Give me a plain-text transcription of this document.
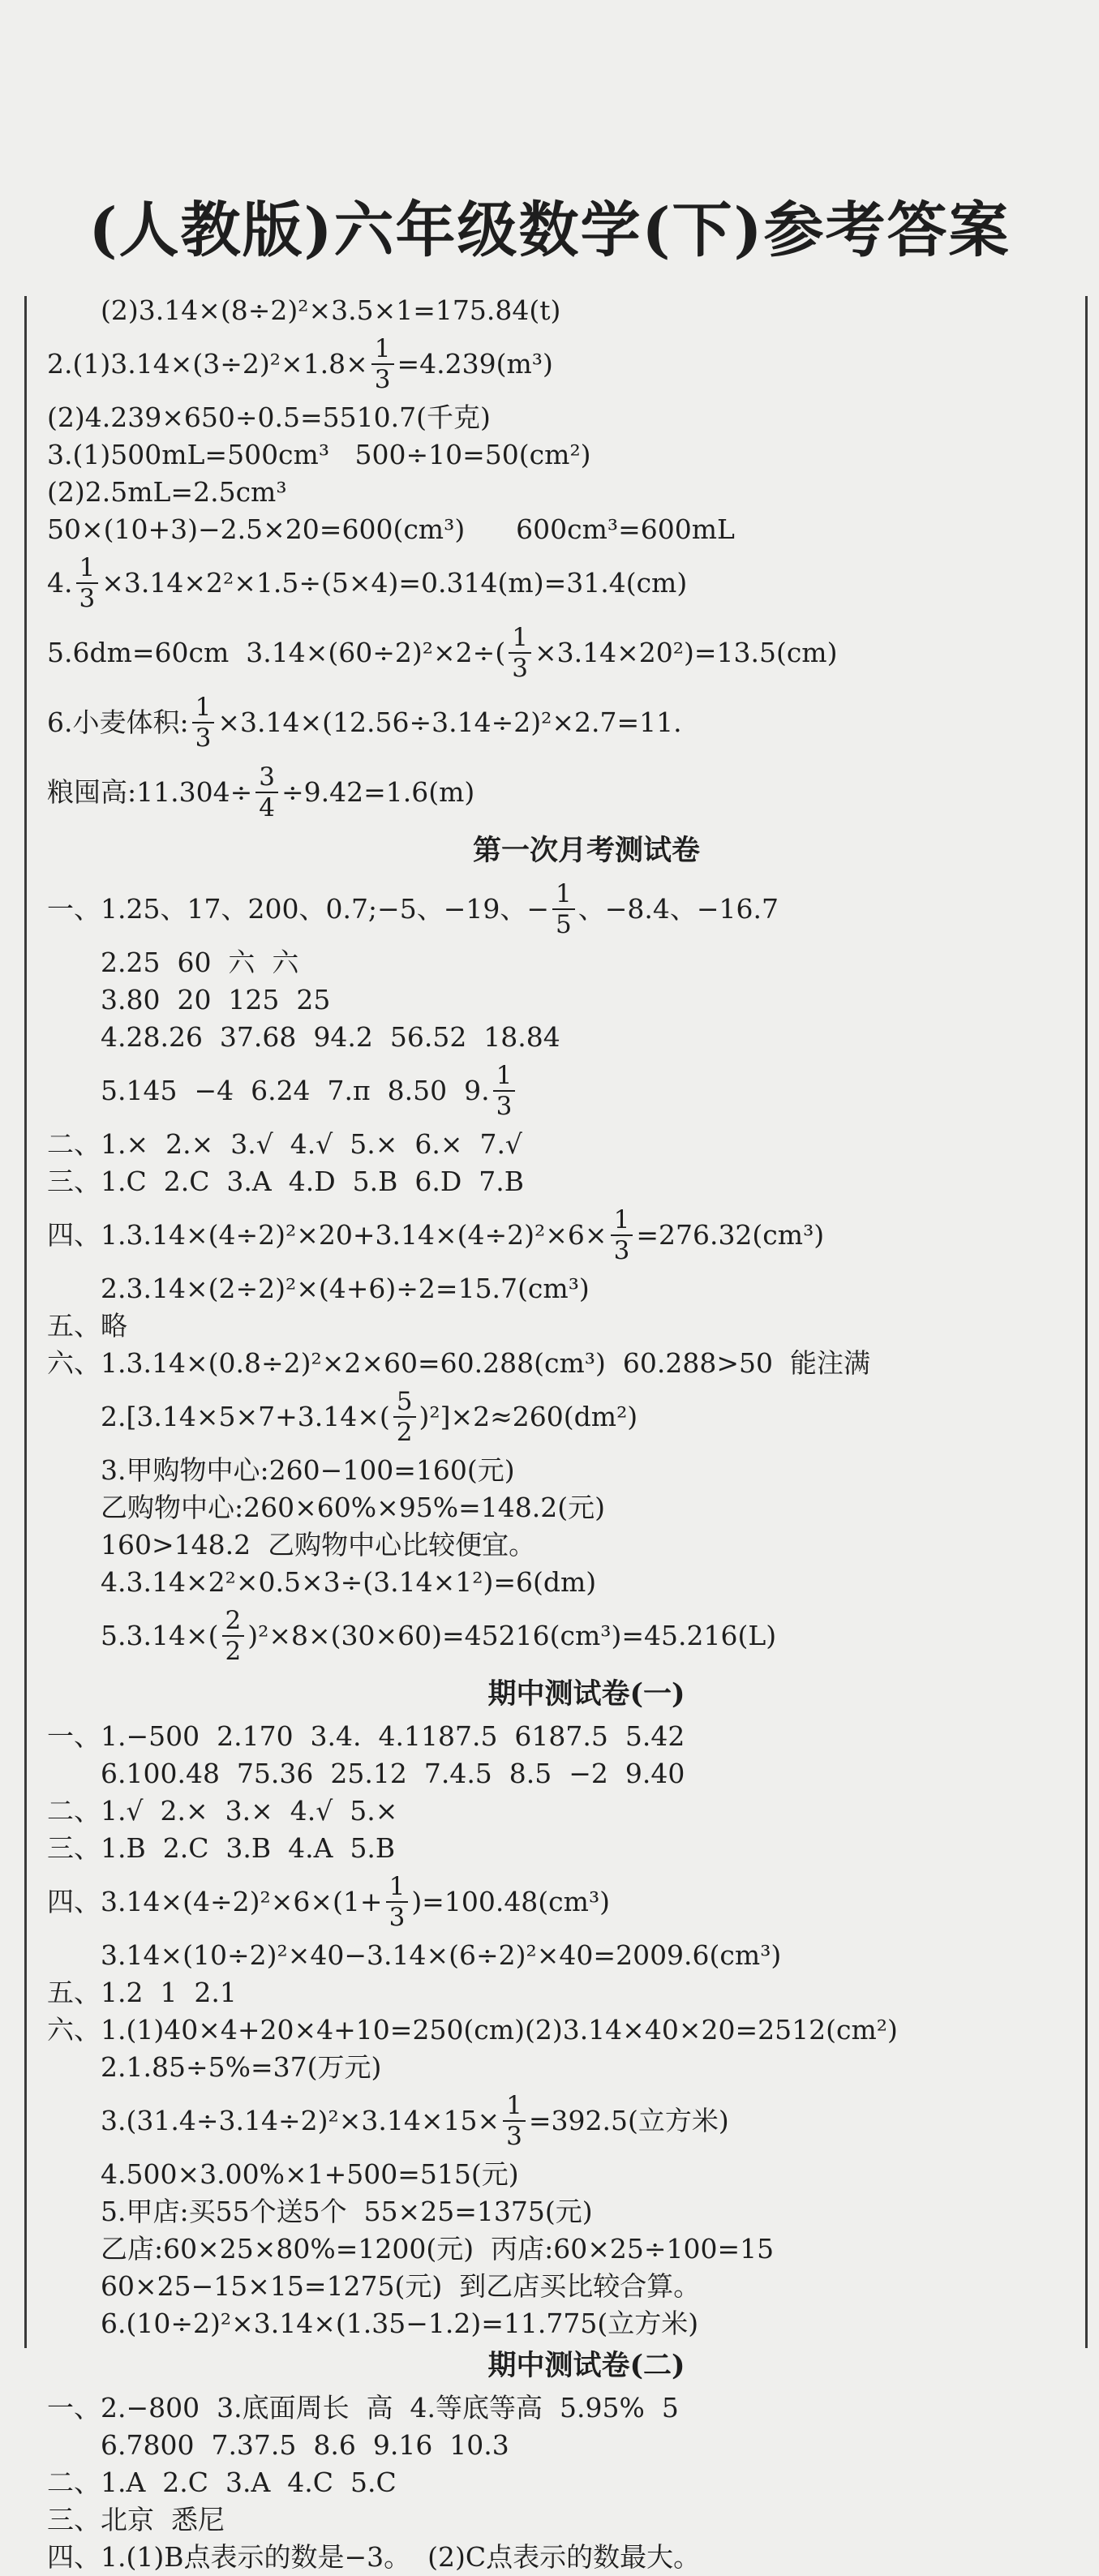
(人教版)六年级数学(下)参考答案
(2)3.14×(8÷2)²×3.5×1=175.84(t)
$2.(1)3.14\times(3\div 2)^2\times 1.8\times \frac{1}{3} =4.239(m^3)$
(2)4.239×650÷0.5=5510.7(千克)
3.(1)500mL=500cm³   500÷10=50(cm²)
(2)2.5mL=2.5cm³
50×(10+3)−2.5×20=600(cm³)      600cm³=600mL
4. $\frac{1}{3} \times 3.14\times 2^2\times 1.5\div(5\times 4)=0.314(m)=31.4(cm)$
5.6dm=60cm  $3.14\times(60\div 2)^2\times 2\div( \frac{1}{3} \times 3.14\times 20^2)=13.5(cm)$
6.小麦体积: $\frac{1}{3} \times 3.14\times(12.56\div 3.14\div 2)^2\times 2.7=11$.
粮囤高:11.304÷ $\frac{3}{4} \div 9.42=1.6(m)$
第一次月考测试卷
一、1.25、17、200、0.7;−5、−19、− $\frac{1}{5}$ 、−8.4、−16.7
2.25  60  六  六
3.80  20  125  25
4.28.26  37.68  94.2  56.52  18.84
5.145  −4  6.24  7.π  8.50  9. $\frac{1}{3}$
二、1.×  2.×  3.√  4.√  5.×  6.×  7.√
三、1.C  2.C  3.A  4.D  5.B  6.D  7.B
四、$1.3.14\times(4\div 2)^2\times 20+3.14\times(4\div 2)^2\times 6\times \frac{1}{3} =276.32(cm^3)$
2.3.14×(2÷2)²×(4+6)÷2=15.7(cm³)
五、略
六、1.3.14×(0.8÷2)²×2×60=60.288(cm³)  60.288>50  能注满
$2.[3.14\times 5\times 7+3.14\times( \frac{5}{2} )^2]\times 2\approx 260(dm^2)$
3.甲购物中心:260−100=160(元)
乙购物中心:260×60%×95%=148.2(元)
160>148.2  乙购物中心比较便宜。
4.3.14×2²×0.5×3÷(3.14×1²)=6(dm)
$5.3.14\times( \frac{2}{2} )^2\times 8\times(30\times 60)=45216(cm^3)=45.216(L)$
期中测试卷(一)
一、1.−500  2.170  3.4.  4.1187.5  6187.5  5.42
6.100.48  75.36  25.12  7.4.5  8.5  −2  9.40
二、1.√  2.×  3.×  4.√  5.×
三、1.B  2.C  3.B  4.A  5.B
四、$3.14\times(4\div 2)^2\times 6\times(1+ \frac{1}{3} )=100.48(cm^3)$
3.14×(10÷2)²×40−3.14×(6÷2)²×40=2009.6(cm³)
五、1.2  1  2.1
六、1.(1)40×4+20×4+10=250(cm)(2)3.14×40×20=2512(cm²)
2.1.85÷5%=37(万元)
$3.(31.4\div 3.14\div 2)^2\times 3.14\times 15\times \frac{1}{3} =392.5$(立方米)
4.500×3.00%×1+500=515(元)
5.甲店:买55个送5个  55×25=1375(元)
乙店:60×25×80%=1200(元)  丙店:60×25÷100=15
60×25−15×15=1275(元)  到乙店买比较合算。
6.(10÷2)²×3.14×(1.35−1.2)=11.775(立方米)
期中测试卷(二)
一、2.−800  3.底面周长  高  4.等底等高  5.95%  5
6.7800  7.37.5  8.6  9.16  10.3
二、1.A  2.C  3.A  4.C  5.C
三、北京  悉尼
四、1.(1)B点表示的数是−3。  (2)C点表示的数最大。
